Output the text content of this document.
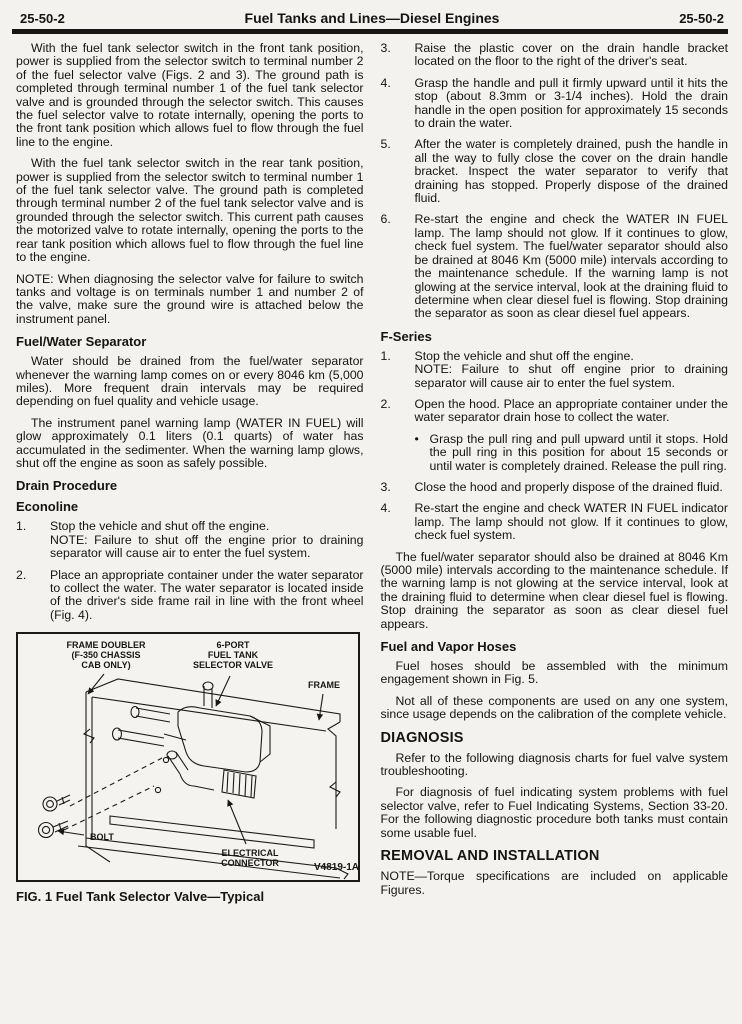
25-50-2	Fuel Tanks and Lines—Diesel Engines	25-50-2

With the fuel tank selector switch in the front tank position, power is supplied from the selector switch to terminal number 2 of the fuel selector valve (Figs. 2 and 3). The ground path is completed through terminal number 1 of the fuel tank selector valve and is grounded through the selector switch. This causes the fuel selector valve to rotate internally, opening the ports to the front tank position which allows fuel to flow through the fuel line to the engine.

With the fuel tank selector switch in the rear tank position, power is supplied from the selector switch to terminal number 1 of the fuel tank selector valve. The ground path is completed through terminal number 2 of the fuel tank selector valve and is grounded through the selector switch. This current path causes the motorized valve to rotate internally, opening the ports to the rear tank position which allows fuel to flow through the fuel line to the engine.

NOTE: When diagnosing the selector valve for failure to switch tanks and voltage is on terminals number 1 and number 2 of the valve, make sure the ground wire is attached below the instrument panel.

Fuel/Water Separator

Water should be drained from the fuel/water separator whenever the warning lamp comes on or every 8046 km (5,000 miles). More frequent drain intervals may be required depending on fuel quality and vehicle usage.

The instrument panel warning lamp (WATER IN FUEL) will glow approximately 0.1 liters (0.1 quarts) of water has accumulated in the sedimenter. When the warning lamp glows, shut off the engine as soon as safely possible.

Drain Procedure
Econoline
1.	Stop the vehicle and shut off the engine.

NOTE: Failure to shut off the engine prior to draining separator will cause air to enter the fuel system.

2.	Place an appropriate container under the water separator to collect the water. The water separator is located inside of the driver's side frame rail in line with the front wheel (Fig. 4).

FRAME DOUBLER
(F-350 CHASSIS
CAB ONLY)
6-PORT
FUEL TANK
SELECTOR VALVE
FRAME
BOLT
ELECTRICAL
CONNECTOR	V4819-1A
FIG. 1 Fuel Tank Selector Valve—Typical
3.	Raise the plastic cover on the drain handle bracket located on the floor to the right of the driver's seat.

4.	Grasp the handle and pull it firmly upward until it hits the stop (about 8.3mm or 3-1/4 inches). Hold the drain handle in the open position for approximately 15 seconds to drain the water.

5.	After the water is completely drained, push the handle in all the way to fully close the cover on the drain handle bracket. Inspect the water separator to verify that draining has stopped. Properly dispose of the drained fluid.

6.	Re-start the engine and check the WATER IN FUEL lamp. The lamp should not glow. If it continues to glow, check fuel system. The fuel/water separator should also be drained at 8046 Km (5000 mile) intervals according to the maintenance schedule. If the warning lamp is not glowing at the service interval, look at the draining fluid to determine when clear diesel fuel is flowing. Stop draining the separator as soon as clear diesel fuel appears.

F-Series
1.	Stop the vehicle and shut off the engine.

NOTE: Failure to shut off engine prior to draining separator will cause air to enter the fuel system.

2.	Open the hood. Place an appropriate container under the water separator drain hose to collect the water.

• Grasp the pull ring and pull upward until it stops. Hold the pull ring in this position for about 15 seconds or until water is completely drained. Release the pull ring.
3.	Close the hood and properly dispose of the drained fluid.

4.	Re-start the engine and check WATER IN FUEL indicator lamp. The lamp should not glow. If it continues to glow, check fuel system.

The fuel/water separator should also be drained at 8046 Km (5000 mile) intervals according to the maintenance schedule. If the warning lamp is not glowing at the service interval, look at the draining fluid to determine when clear diesel fuel is flowing. Stop draining the separator as soon as clear diesel fuel appears.

Fuel and Vapor Hoses

Fuel hoses should be assembled with the minimum engagement shown in Fig. 5.

Not all of these components are used on any one system, since usage depends on the calibration of the complete vehicle.

DIAGNOSIS

Refer to the following diagnosis charts for fuel valve system troubleshooting.

For diagnosis of fuel indicating system problems with fuel selector valve, refer to Fuel Indicating Systems, Section 33-20. For the following diagnostic procedure both tanks must contain some usable fuel.

REMOVAL AND INSTALLATION

NOTE—Torque specifications are included on applicable Figures.
